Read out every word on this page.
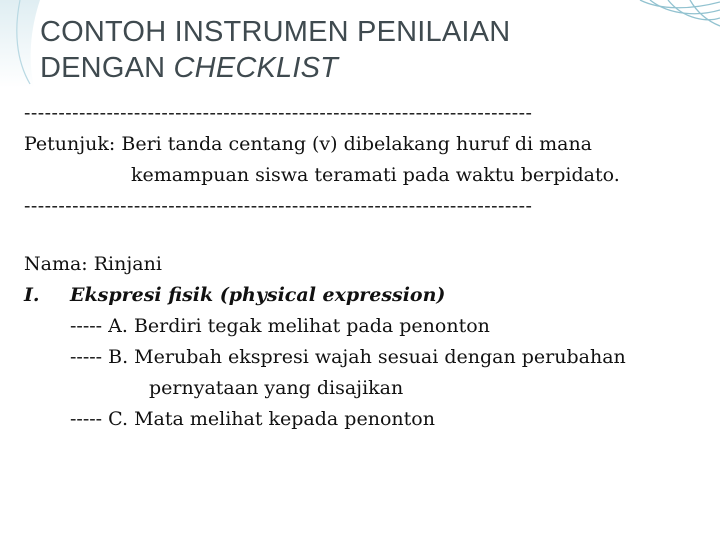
CONTOH INSTRUMEN PENILAIAN
DENGAN CHECKLIST
--------------------------------------------------------------------------
Petunjuk: Beri tanda centang (v) dibelakang huruf di mana
kemampuan siswa teramati pada waktu berpidato.
--------------------------------------------------------------------------
Nama: Rinjani
I.	Ekspresi fisik (physical expression)
----- A. Berdiri tegak melihat pada penonton
----- B. Merubah ekspresi wajah sesuai dengan perubahan
pernyataan yang disajikan
----- C. Mata melihat kepada penonton
